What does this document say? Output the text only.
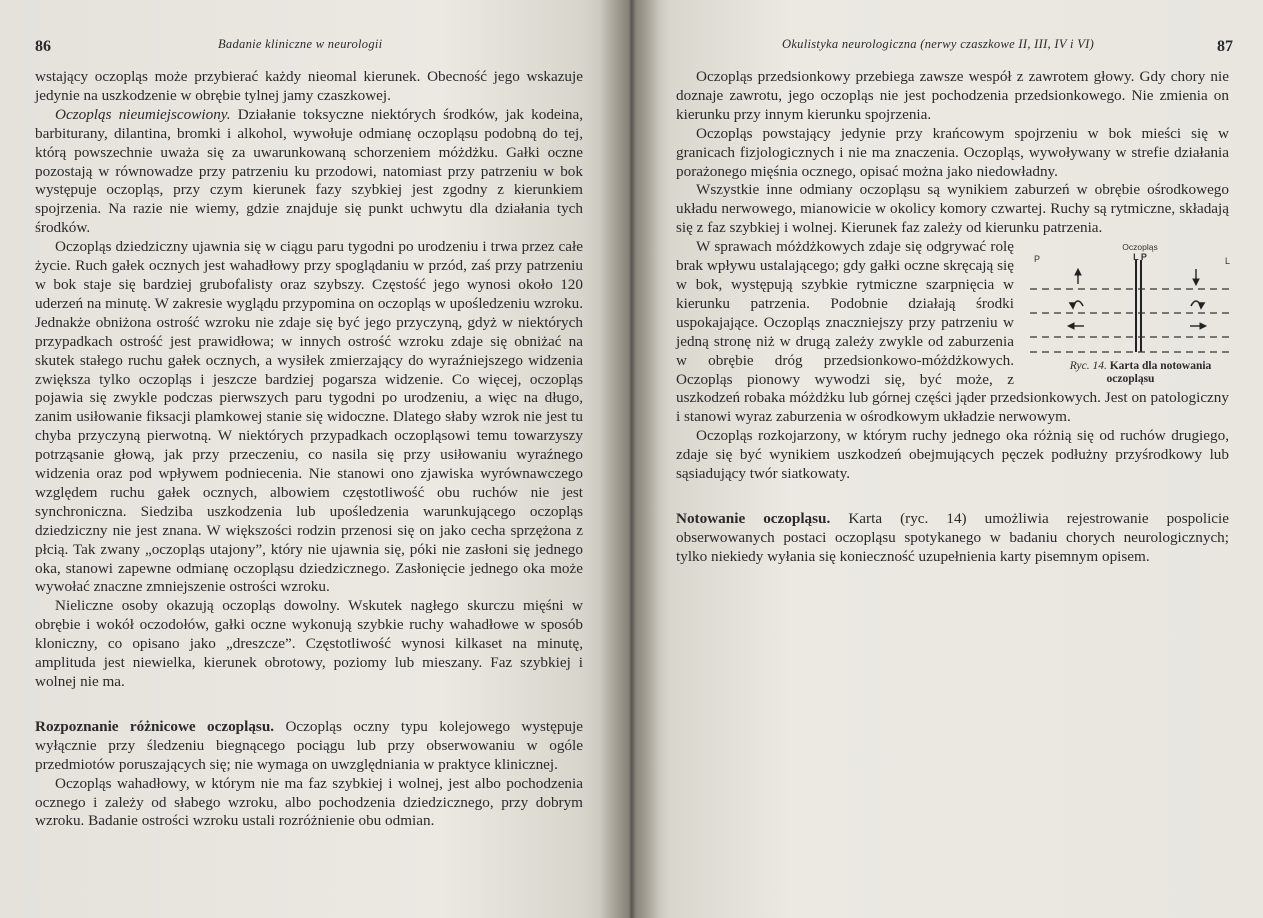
86	Badanie kliniczne w neurologii

wstający oczopląs może przybierać każdy nieomal kierunek. Obecność jego wskazuje jedynie na uszkodzenie w obrębie tylnej jamy czaszkowej.

Oczopląs nieumiejscowiony. Działanie toksyczne niektórych środków, jak kodeina, barbiturany, dilantina, bromki i alkohol, wywołuje odmianę oczopląsu podobną do tej, którą powszechnie uważa się za uwarunkowaną schorzeniem móżdżku. Gałki oczne pozostają w równowadze przy patrzeniu ku przodowi, natomiast przy patrzeniu w bok występuje oczopląs, przy czym kierunek fazy szybkiej jest zgodny z kierunkiem spojrzenia. Na razie nie wiemy, gdzie znajduje się punkt uchwytu dla działania tych środków.

Oczopląs dziedziczny ujawnia się w ciągu paru tygodni po urodzeniu i trwa przez całe życie. Ruch gałek ocznych jest wahadłowy przy spoglądaniu w przód, zaś przy patrzeniu w bok staje się bardziej grubofalisty oraz szybszy. Częstość jego wynosi około 120 uderzeń na minutę. W zakresie wyglądu przypomina on oczopląs w upośledzeniu wzroku. Jednakże obniżona ostrość wzroku nie zdaje się być jego przyczyną, gdyż w niektórych przypadkach ostrość jest prawidłowa; w innych ostrość wzroku zdaje się obniżać na skutek stałego ruchu gałek ocznych, a wysiłek zmierzający do wyraźniejszego widzenia zwiększa tylko oczopląs i jeszcze bardziej pogarsza widzenie. Co więcej, oczopląs pojawia się zwykle podczas pierwszych paru tygodni po urodzeniu, a więc na długo, zanim usiłowanie fiksacji plamkowej stanie się widoczne. Dlatego słaby wzrok nie jest tu chyba przyczyną pierwotną. W niektórych przypadkach oczopląsowi temu towarzyszy potrząsanie głową, jak przy przeczeniu, co nasila się przy usiłowaniu wyraźnego widzenia oraz pod wpływem podniecenia. Nie stanowi ono zjawiska wyrównawczego względem ruchu gałek ocznych, albowiem częstotliwość obu ruchów nie jest synchroniczna. Siedziba uszkodzenia lub upośledzenia warunkującego oczopląs dziedziczny nie jest znana. W większości rodzin przenosi się on jako cecha sprzężona z płcią. Tak zwany „oczopląs utajony”, który nie ujawnia się, póki nie zasłoni się jednego oka, stanowi zapewne odmianę oczopląsu dziedzicznego. Zasłonięcie jednego oka może wywołać znaczne zmniejszenie ostrości wzroku.

Nieliczne osoby okazują oczopląs dowolny. Wskutek nagłego skurczu mięśni w obrębie i wokół oczodołów, gałki oczne wykonują szybkie ruchy wahadłowe w sposób kloniczny, co opisano jako „dreszcze”. Częstotliwość wynosi kilkaset na minutę, amplituda jest niewielka, kierunek obrotowy, poziomy lub mieszany. Faz szybkiej i wolnej nie ma.

Rozpoznanie różnicowe oczopląsu. Oczopląs oczny typu kolejowego występuje wyłącznie przy śledzeniu biegnącego pociągu lub przy obserwowaniu w ogóle przedmiotów poruszających się; nie wymaga on uwzględniania w praktyce klinicznej.

Oczopląs wahadłowy, w którym nie ma faz szybkiej i wolnej, jest albo pochodzenia ocznego i zależy od słabego wzroku, albo pochodzenia dziedzicznego, przy dobrym wzroku. Badanie ostrości wzroku ustali rozróżnienie obu odmian.

Okulistyka neurologiczna (nerwy czaszkowe II, III, IV i VI)	87

Oczopląs przedsionkowy przebiega zawsze wespół z zawrotem głowy. Gdy chory nie doznaje zawrotu, jego oczopląs nie jest pochodzenia przedsionkowego. Nie zmienia on kierunku przy innym kierunku spojrzenia.

Oczopląs powstający jedynie przy krańcowym spojrzeniu w bok mieści się w granicach fizjologicznych i nie ma znaczenia. Oczopląs, wywoływany w strefie działania porażonego mięśnia ocznego, opisać można jako niedowładny.

Wszystkie inne odmiany oczopląsu są wynikiem zaburzeń w obrębie ośrodkowego układu nerwowego, mianowicie w okolicy komory czwartej. Ruchy są rytmiczne, składają się z faz szybkiej i wolnej. Kierunek faz zależy od kierunku patrzenia.

Oczopląs
P	L P	L
Ryc. 14. Karta dla notowania oczopląsu
W sprawach móżdżkowych zdaje się odgrywać rolę brak wpływu ustalającego; gdy gałki oczne skręcają się w bok, występują szybkie rytmiczne szarpnięcia w kierunku patrzenia. Podobnie działają środki uspokajające. Oczopląs znaczniejszy przy patrzeniu w jedną stronę niż w drugą zależy zwykle od zaburzenia w obrębie dróg przedsionkowo-móżdżkowych. Oczopląs pionowy wywodzi się, być może, z uszkodzeń robaka móżdżku lub górnej części jąder przedsionkowych. Jest on patologiczny i stanowi wyraz zaburzenia w ośrodkowym układzie nerwowym.

Oczopląs rozkojarzony, w którym ruchy jednego oka różnią się od ruchów drugiego, zdaje się być wynikiem uszkodzeń obejmujących pęczek podłużny przyśrodkowy lub sąsiadujący twór siatkowaty.

Notowanie oczopląsu. Karta (ryc. 14) umożliwia rejestrowanie pospolicie obserwowanych postaci oczopląsu spotykanego w badaniu chorych neurologicznych; tylko niekiedy wyłania się konieczność uzupełnienia karty pisemnym opisem.
